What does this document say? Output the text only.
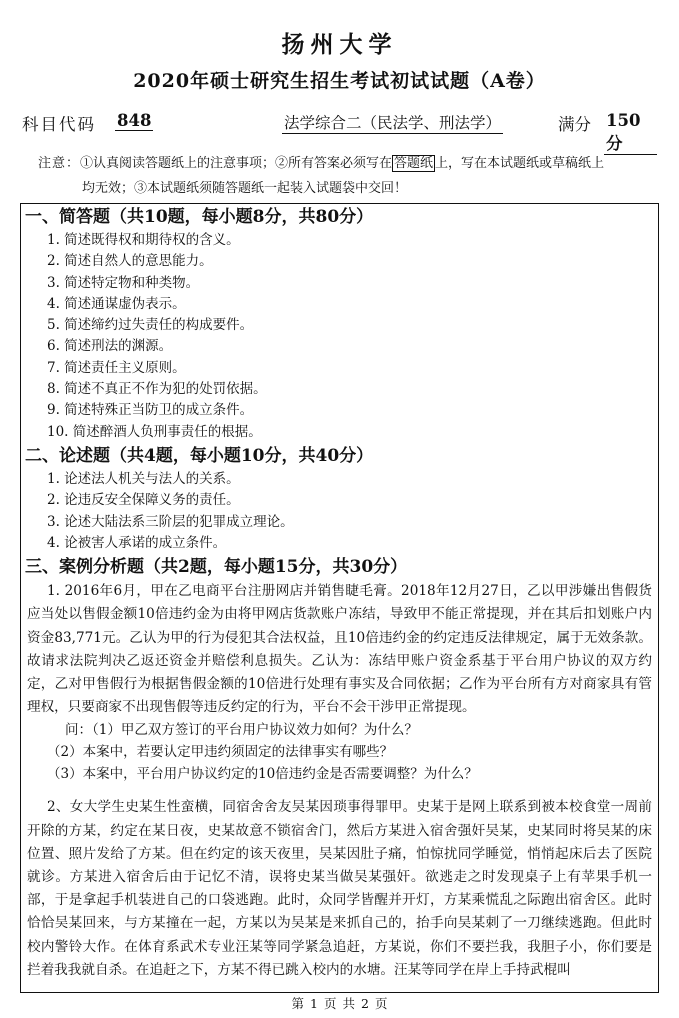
扬州大学
2020年硕士研究生招生考试初试试题（A卷）
科目代码 848	法学综合二（民法学、刑法学）	满分 150分
注意：①认真阅读答题纸上的注意事项；②所有答案必须写在 答题纸 上，写在本试题纸或草稿纸上
均无效；③本试题纸须随答题纸一起装入试题袋中交回！

一、简答题（共10题，每小题8分，共80分）

1. 简述既得权和期待权的含义。

2. 简述自然人的意思能力。

3. 简述特定物和种类物。

4. 简述通谋虚伪表示。

5. 简述缔约过失责任的构成要件。

6. 简述刑法的渊源。

7. 简述责任主义原则。

8. 简述不真正不作为犯的处罚依据。

9. 简述特殊正当防卫的成立条件。

10. 简述醉酒人负刑事责任的根据。

二、论述题（共4题，每小题10分，共40分）

1. 论述法人机关与法人的关系。

2. 论违反安全保障义务的责任。

3. 论述大陆法系三阶层的犯罪成立理论。

4. 论被害人承诺的成立条件。

三、案例分析题（共2题，每小题15分，共30分）

1. 2016年6月，甲在乙电商平台注册网店并销售睫毛膏。2018年12月27日，乙以甲涉嫌出售假货应当处以售假金额10倍违约金为由将甲网店货款账户冻结，导致甲不能正常提现，并在其后扣划账户内资金83,771元。乙认为甲的行为侵犯其合法权益，且10倍违约金的约定违反法律规定，属于无效条款。故请求法院判决乙返还资金并赔偿利息损失。乙认为：冻结甲账户资金系基于平台用户协议的双方约定，乙对甲售假行为根据售假金额的10倍进行处理有事实及合同依据；乙作为平台所有方对商家具有管理权，只要商家不出现售假等违反约定的行为，平台不会干涉甲正常提现。

问：（1）甲乙双方签订的平台用户协议效力如何？为什么？

（2）本案中，若要认定甲违约须固定的法律事实有哪些？

（3）本案中，平台用户协议约定的10倍违约金是否需要调整？为什么？

2、女大学生史某生性蛮横，同宿舍舍友吴某因琐事得罪甲。史某于是网上联系到被本校食堂一周前开除的方某，约定在某日夜，史某故意不锁宿舍门，然后方某进入宿舍强奸吴某，史某同时将吴某的床位置、照片发给了方某。但在约定的该天夜里，吴某因肚子痛，怕惊扰同学睡觉，悄悄起床后去了医院就诊。方某进入宿舍后由于记忆不清，误将史某当做吴某强奸。欲逃走之时发现桌子上有苹果手机一部，于是拿起手机装进自己的口袋逃跑。此时，众同学皆醒并开灯，方某乘慌乱之际跑出宿舍区。此时恰恰吴某回来，与方某撞在一起，方某以为吴某是来抓自己的，抬手向吴某刺了一刀继续逃跑。但此时校内警铃大作。在体育系武术专业汪某等同学紧急追赶，方某说，你们不要拦我，我胆子小，你们要是拦着我我就自杀。在追赶之下，方某不得已跳入校内的水塘。汪某等同学在岸上手持武棍叫

第 1 页 共 2 页
